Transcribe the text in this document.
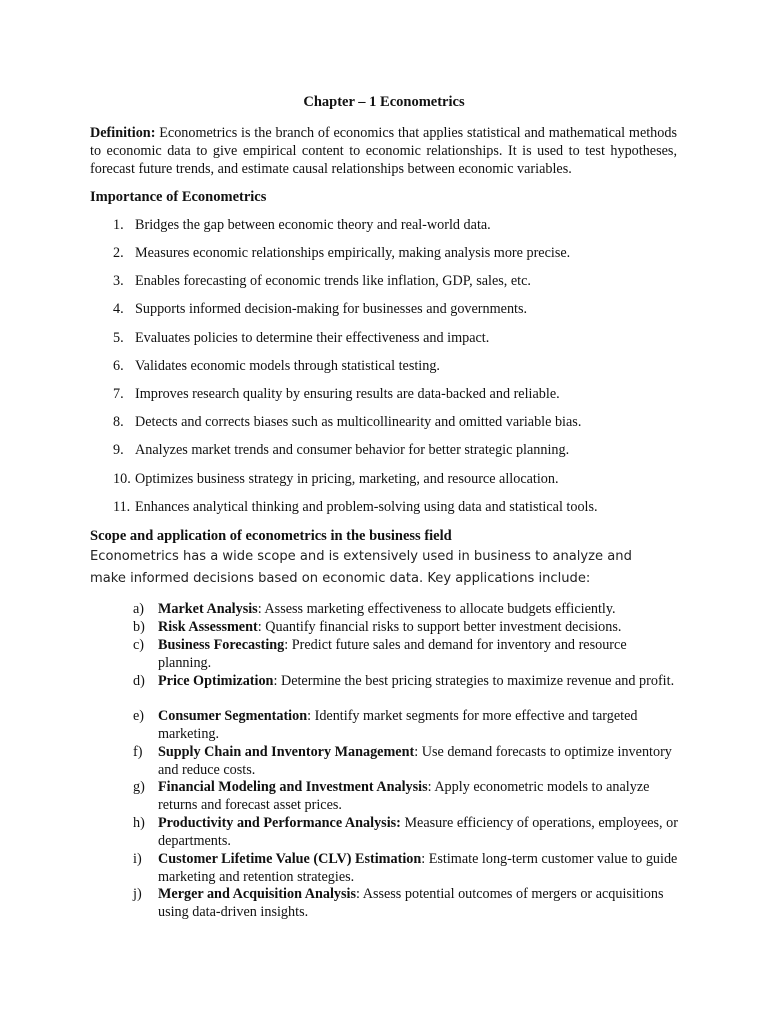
Chapter – 1 Econometrics

Definition: Econometrics is the branch of economics that applies statistical and mathematical methods to economic data to give empirical content to economic relationships. It is used to test hypotheses, forecast future trends, and estimate causal relationships between economic variables.

Importance of Econometrics
1. Bridges the gap between economic theory and real-world data.
2. Measures economic relationships empirically, making analysis more precise.
3. Enables forecasting of economic trends like inflation, GDP, sales, etc.
4. Supports informed decision-making for businesses and governments.
5. Evaluates policies to determine their effectiveness and impact.
6. Validates economic models through statistical testing.
7. Improves research quality by ensuring results are data-backed and reliable.
8. Detects and corrects biases such as multicollinearity and omitted variable bias.
9. Analyzes market trends and consumer behavior for better strategic planning.
10. Optimizes business strategy in pricing, marketing, and resource allocation.
11. Enhances analytical thinking and problem-solving using data and statistical tools.
Scope and application of econometrics in the business field

Econometrics has a wide scope and is extensively used in business to analyze and make informed decisions based on economic data. Key applications include:

a) Market Analysis: Assess marketing effectiveness to allocate budgets efficiently.
b) Risk Assessment: Quantify financial risks to support better investment decisions.
c) Business Forecasting: Predict future sales and demand for inventory and resource planning.
d) Price Optimization: Determine the best pricing strategies to maximize revenue and profit.
e) Consumer Segmentation: Identify market segments for more effective and targeted marketing.
f) Supply Chain and Inventory Management: Use demand forecasts to optimize inventory and reduce costs.
g) Financial Modeling and Investment Analysis: Apply econometric models to analyze returns and forecast asset prices.
h) Productivity and Performance Analysis: Measure efficiency of operations, employees, or departments.
i) Customer Lifetime Value (CLV) Estimation: Estimate long-term customer value to guide marketing and retention strategies.
j) Merger and Acquisition Analysis: Assess potential outcomes of mergers or acquisitions using data-driven insights.
